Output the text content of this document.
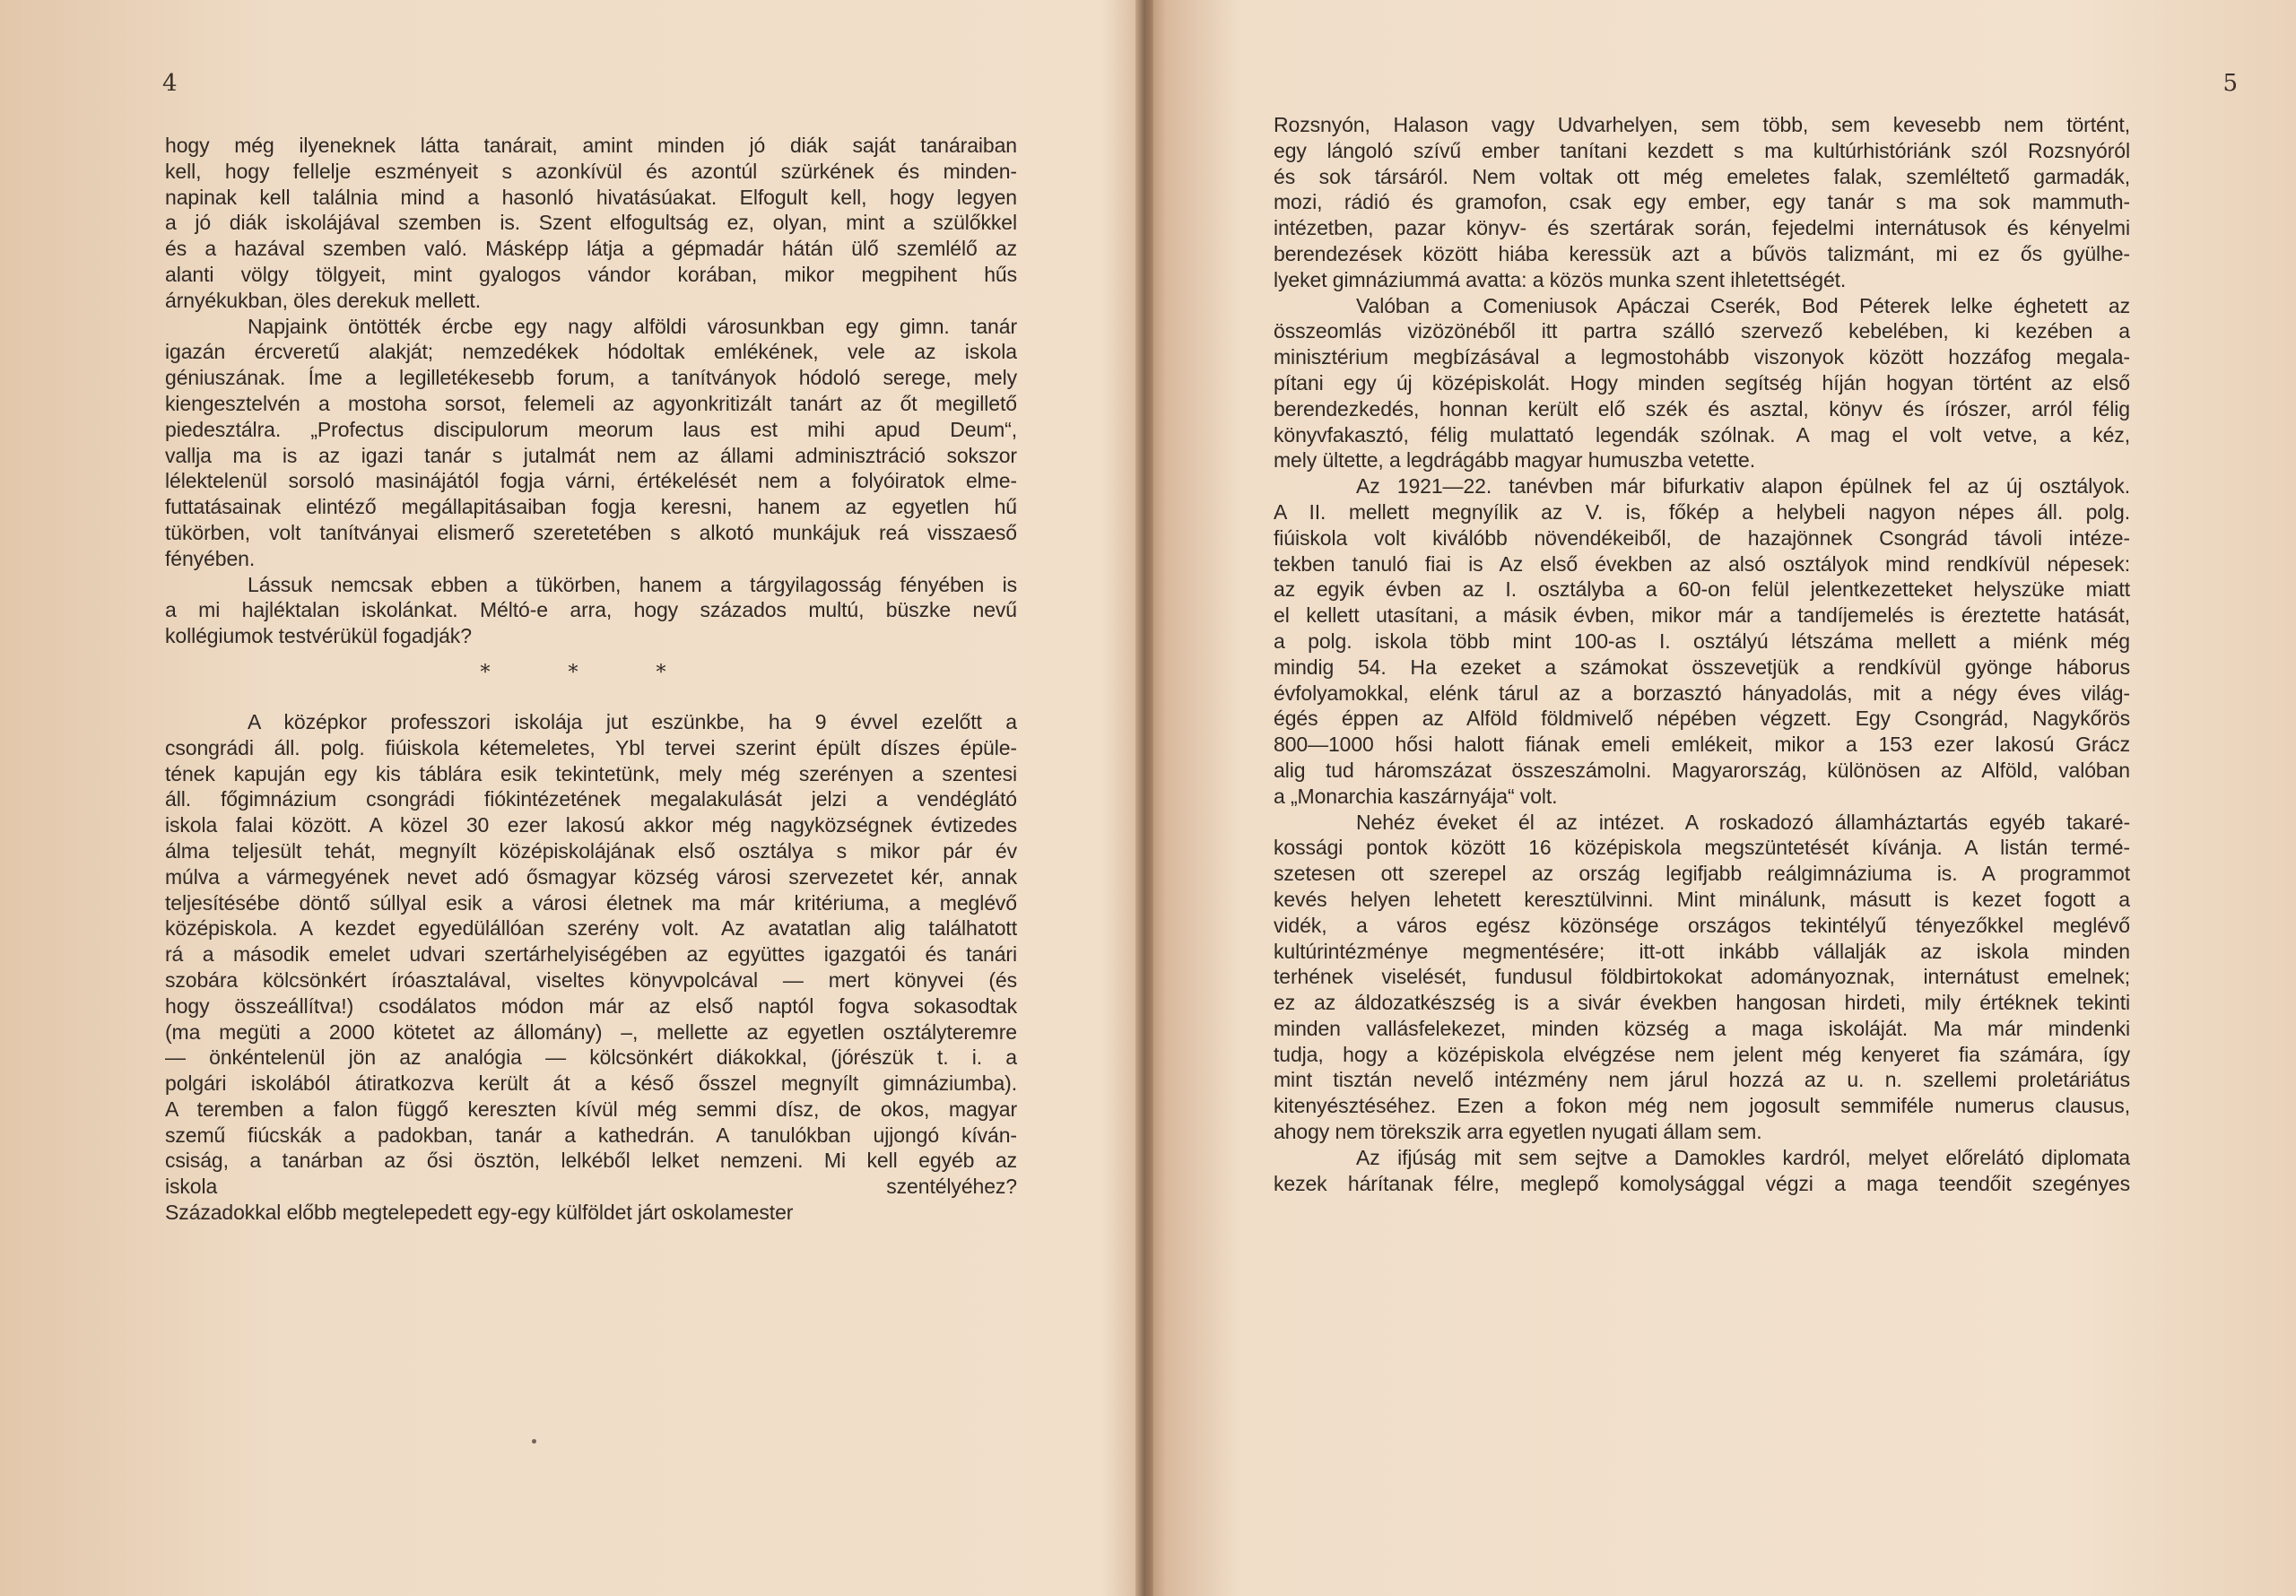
4
hogy még ilyeneknek látta tanárait, amint minden jó diák saját tanáraiban
kell, hogy fellelje eszményeit s azonkívül és azontúl szürkének és minden-
napinak kell találnia mind a hasonló hivatásúakat. Elfogult kell, hogy legyen
a jó diák iskolájával szemben is. Szent elfogultság ez, olyan, mint a szülőkkel
és a hazával szemben való. Másképp látja a gépmadár hátán ülő szemlélő az
alanti völgy tölgyeit, mint gyalogos vándor korában, mikor megpihent hűs
árnyékukban, öles derekuk mellett.
Napjaink öntötték ércbe egy nagy alföldi városunkban egy gimn. tanár
igazán ércveretű alakját; nemzedékek hódoltak emlékének, vele az iskola
géniuszának. Íme a legilletékesebb forum, a tanítványok hódoló serege, mely
kiengesztelvén a mostoha sorsot, felemeli az agyonkritizált tanárt az őt megillető
piedesztálra. „Profectus discipulorum meorum laus est mihi apud Deum“,
vallja ma is az igazi tanár s jutalmát nem az állami adminisztráció sokszor
lélektelenül sorsoló masinájától fogja várni, értékelését nem a folyóiratok elme-
futtatásainak elintéző megállapitásaiban fogja keresni, hanem az egyetlen hű
tükörben, volt tanítványai elismerő szeretetében s alkotó munkájuk reá visszaeső
fényében.
Lássuk nemcsak ebben a tükörben, hanem a tárgyilagosság fényében is
a mi hajléktalan iskolánkat. Méltó-e arra, hogy százados multú, büszke nevű
kollégiumok testvérükül fogadják?
* * *
A középkor professzori iskolája jut eszünkbe, ha 9 évvel ezelőtt a
csongrádi áll. polg. fiúiskola kétemeletes, Ybl tervei szerint épült díszes épüle-
tének kapuján egy kis táblára esik tekintetünk, mely még szerényen a szentesi
áll. főgimnázium csongrádi fiókintézetének megalakulását jelzi a vendéglátó
iskola falai között. A közel 30 ezer lakosú akkor még nagyközségnek évtizedes
álma teljesült tehát, megnyílt középiskolájának első osztálya s mikor pár év
múlva a vármegyének nevet adó ősmagyar község városi szervezetet kér, annak
teljesítésébe döntő súllyal esik a városi életnek ma már kritériuma, a meglévő
középiskola. A kezdet egyedülállóan szerény volt. Az avatatlan alig találhatott
rá a második emelet udvari szertárhelyiségében az együttes igazgatói és tanári
szobára kölcsönkért íróasztalával, viseltes könyvpolcával — mert könyvei (és
hogy összeállítva!) csodálatos módon már az első naptól fogva sokasodtak
(ma megüti a 2000 kötetet az állomány) –, mellette az egyetlen osztályteremre
— önkéntelenül jön az analógia — kölcsönkért diákokkal, (jórészük t. i. a
polgári iskolából átiratkozva került át a késő ősszel megnyílt gimnáziumba).
A teremben a falon függő kereszten kívül még semmi dísz, de okos, magyar
szemű fiúcskák a padokban, tanár a kathedrán. A tanulókban ujjongó kíván-
csiság, a tanárban az ősi ösztön, lelkéből lelket nemzeni. Mi kell egyéb az
iskola szentélyéhez?
Századokkal előbb megtelepedett egy-egy külföldet járt oskolamester
5
Rozsnyón, Halason vagy Udvarhelyen, sem több, sem kevesebb nem történt,
egy lángoló szívű ember tanítani kezdett s ma kultúrhistóriánk szól Rozsnyóról
és sok társáról. Nem voltak ott még emeletes falak, szemléltető garmadák,
mozi, rádió és gramofon, csak egy ember, egy tanár s ma sok mammuth-
intézetben, pazar könyv- és szertárak során, fejedelmi internátusok és kényelmi
berendezések között hiába keressük azt a bűvös talizmánt, mi ez ős gyülhe-
lyeket gimnáziummá avatta: a közös munka szent ihletettségét.
Valóban a Comeniusok Apáczai Cserék, Bod Péterek lelke éghetett az
összeomlás vizözönéből itt partra szálló szervező kebelében, ki kezében a
minisztérium megbízásával a legmostohább viszonyok között hozzáfog megala-
pítani egy új középiskolát. Hogy minden segítség híján hogyan történt az első
berendezkedés, honnan került elő szék és asztal, könyv és írószer, arról félig
könyvfakasztó, félig mulattató legendák szólnak. A mag el volt vetve, a kéz,
mely ültette, a legdrágább magyar humuszba vetette.
Az 1921—22. tanévben már bifurkativ alapon épülnek fel az új osztályok.
A II. mellett megnyílik az V. is, főkép a helybeli nagyon népes áll. polg.
fiúiskola volt kiválóbb növendékeiből, de hazajönnek Csongrád távoli intéze-
tekben tanuló fiai is Az első években az alsó osztályok mind rendkívül népesek:
az egyik évben az I. osztályba a 60-on felül jelentkezetteket helyszüke miatt
el kellett utasítani, a másik évben, mikor már a tandíjemelés is éreztette hatását,
a polg. iskola több mint 100-as I. osztályú létszáma mellett a miénk még
mindig 54. Ha ezeket a számokat összevetjük a rendkívül gyönge háborus
évfolyamokkal, elénk tárul az a borzasztó hányadolás, mit a négy éves világ-
égés éppen az Alföld földmivelő népében végzett. Egy Csongrád, Nagykőrös
800—1000 hősi halott fiának emeli emlékeit, mikor a 153 ezer lakosú Grácz
alig tud háromszázat összeszámolni. Magyarország, különösen az Alföld, valóban
a „Monarchia kaszárnyája“ volt.
Nehéz éveket él az intézet. A roskadozó államháztartás egyéb takaré-
kossági pontok között 16 középiskola megszüntetését kívánja. A listán termé-
szetesen ott szerepel az ország legifjabb reálgimnáziuma is. A programmot
kevés helyen lehetett keresztülvinni. Mint minálunk, másutt is kezet fogott a
vidék, a város egész közönsége országos tekintélyű tényezőkkel meglévő
kultúrintézménye megmentésére; itt-ott inkább vállalják az iskola minden
terhének viselését, fundusul földbirtokokat adományoznak, internátust emelnek;
ez az áldozatkészség is a sivár években hangosan hirdeti, mily értéknek tekinti
minden vallásfelekezet, minden község a maga iskoláját. Ma már mindenki
tudja, hogy a középiskola elvégzése nem jelent még kenyeret fia számára, így
mint tisztán nevelő intézmény nem járul hozzá az u. n. szellemi proletáriátus
kitenyésztéséhez. Ezen a fokon még nem jogosult semmiféle numerus clausus,
ahogy nem törekszik arra egyetlen nyugati állam sem.
Az ifjúság mit sem sejtve a Damokles kardról, melyet előrelátó diplomata
kezek hárítanak félre, meglepő komolysággal végzi a maga teendőit szegényes
